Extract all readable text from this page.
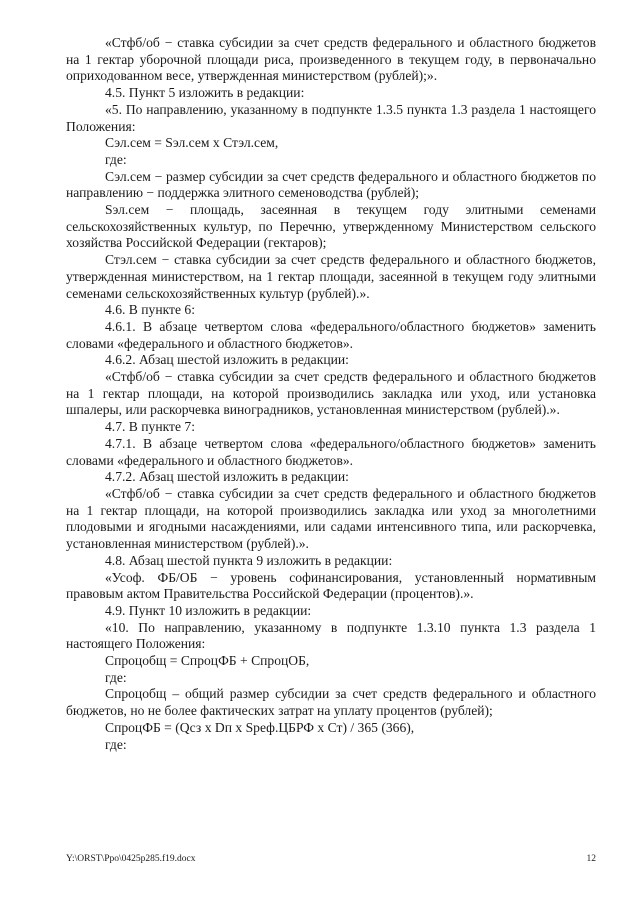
«Стфб/об − ставка субсидии за счет средств федерального и областного бюджетов на 1 гектар уборочной площади риса, произведенного в текущем году, в первоначально оприходованном весе, утвержденная министерством (рублей);».

4.5. Пункт 5 изложить в редакции:

«5. По направлению, указанному в подпункте 1.3.5 пункта 1.3 раздела 1 настоящего Положения:

Сэл.сем = Sэл.сем х Стэл.сем,

где:

Сэл.сем − размер субсидии за счет средств федерального и областного бюджетов по направлению − поддержка элитного семеноводства (рублей);

Sэл.сем − площадь, засеянная в текущем году элитными семенами сельскохозяйственных культур, по Перечню, утвержденному Министерством сельского хозяйства Российской Федерации (гектаров);

Стэл.сем − ставка субсидии за счет средств федерального и областного бюджетов, утвержденная министерством, на 1 гектар площади, засеянной в текущем году элитными семенами сельскохозяйственных культур (рублей).».

4.6. В пункте 6:

4.6.1. В абзаце четвертом слова «федерального/областного бюджетов» заменить словами «федерального и областного бюджетов».

4.6.2. Абзац шестой изложить в редакции:

«Стфб/об − ставка субсидии за счет средств федерального и областного бюджетов на 1 гектар площади, на которой производились закладка или уход, или установка шпалеры, или раскорчевка виноградников, установленная министерством (рублей).».

4.7. В пункте 7:

4.7.1. В абзаце четвертом слова «федерального/областного бюджетов» заменить словами «федерального и областного бюджетов».

4.7.2. Абзац шестой изложить в редакции:

«Стфб/об − ставка субсидии за счет средств федерального и областного бюджетов на 1 гектар площади, на которой производились закладка или уход за многолетними плодовыми и ягодными насаждениями, или садами интенсивного типа, или раскорчевка, установленная министерством (рублей).».

4.8. Абзац шестой пункта 9 изложить в редакции:

«Усоф. ФБ/ОБ − уровень софинансирования, установленный нормативным правовым актом Правительства Российской Федерации (процентов).».

4.9. Пункт 10 изложить в редакции:

«10. По направлению, указанному в подпункте 1.3.10 пункта 1.3 раздела 1 настоящего Положения:

Спроцобщ = СпроцФБ + СпроцОБ,

где:

Спроцобщ – общий размер субсидии за счет средств федерального и областного бюджетов, но не более фактических затрат на уплату процентов (рублей);

СпроцФБ = (Qсз х Dп х Sреф.ЦБРФ х Ст) / 365 (366),

где:

Y:\ORST\Ppo\0425p285.f19.docx	12
